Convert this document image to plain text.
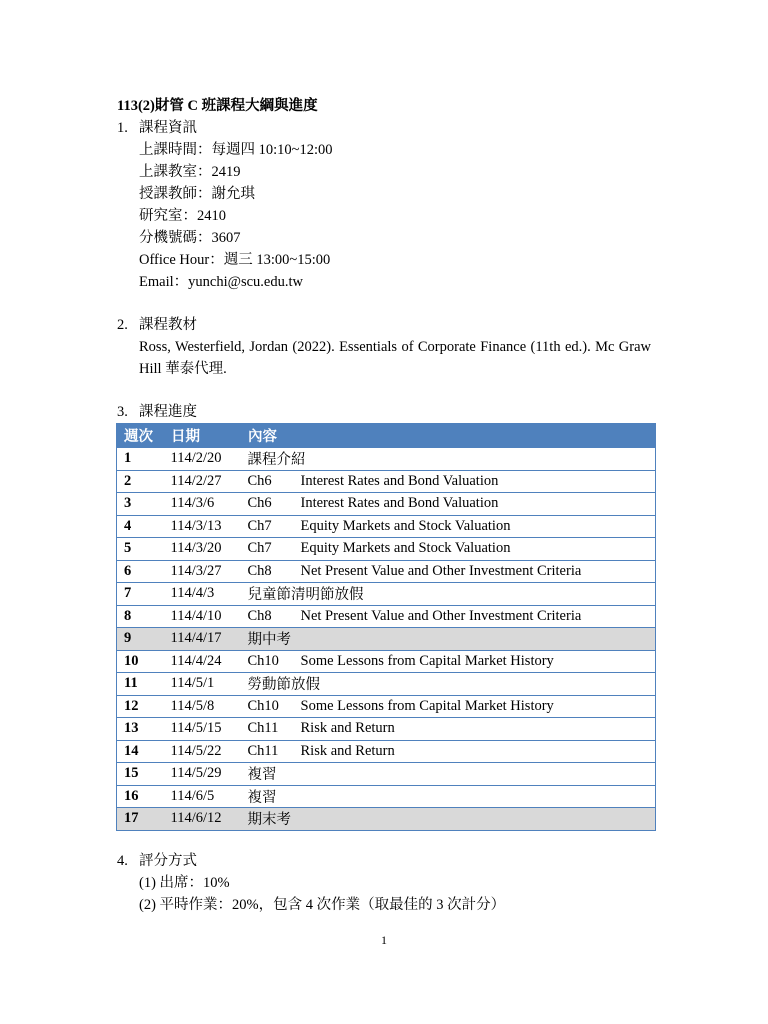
113(2)財管 C 班課程大綱與進度
1. 課程資訊
上課時間：每週四 10:10~12:00
上課教室：2419
授課教師：謝允琪
研究室：2410
分機號碼：3607
Office Hour：週三 13:00~15:00
Email：yunchi@scu.edu.tw
2. 課程教材
Ross, Westerfield, Jordan (2022). Essentials of Corporate Finance (11th ed.). Mc Graw Hill 華泰代理.
3. 課程進度
週次	日期	內容	
1	114/2/20	課程介紹	
2	114/2/27	Ch6	Interest Rates and Bond Valuation
3	114/3/6	Ch6	Interest Rates and Bond Valuation
4	114/3/13	Ch7	Equity Markets and Stock Valuation
5	114/3/20	Ch7	Equity Markets and Stock Valuation
6	114/3/27	Ch8	Net Present Value and Other Investment Criteria
7	114/4/3	兒童節清明節放假	
8	114/4/10	Ch8	Net Present Value and Other Investment Criteria
9	114/4/17	期中考	
10	114/4/24	Ch10	Some Lessons from Capital Market History
11	114/5/1	勞動節放假	
12	114/5/8	Ch10	Some Lessons from Capital Market History
13	114/5/15	Ch11	Risk and Return
14	114/5/22	Ch11	Risk and Return
15	114/5/29	複習	
16	114/6/5	複習	
17	114/6/12	期末考	
4. 評分方式
(1) 出席：10%
(2) 平時作業：20%，包含 4 次作業（取最佳的 3 次計分）
1
